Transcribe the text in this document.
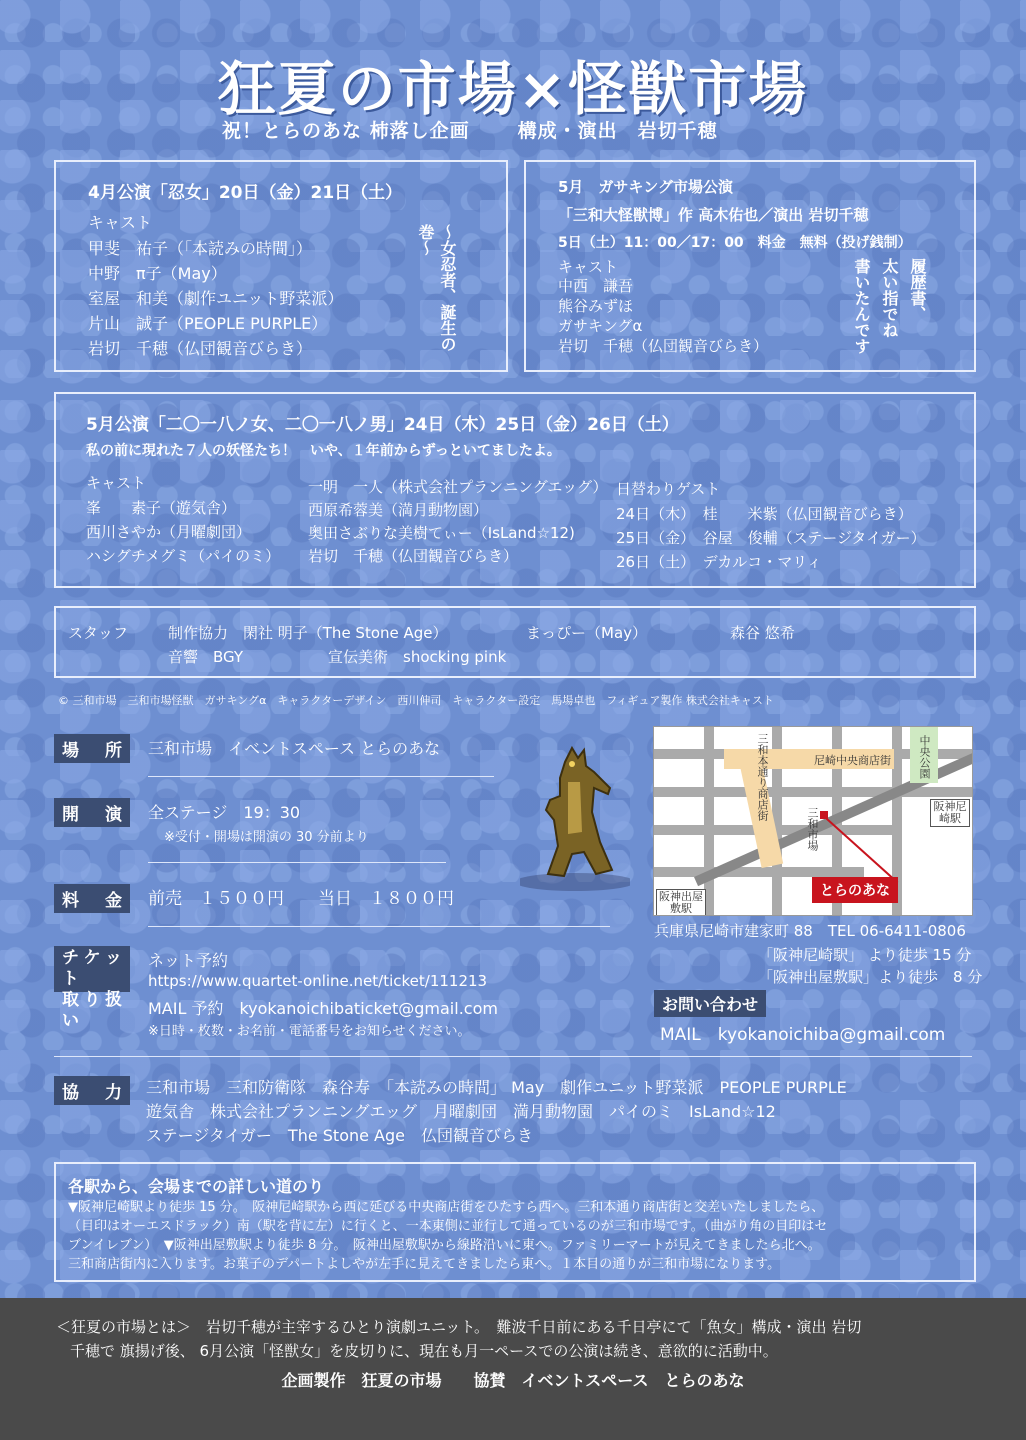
狂夏の市場×怪獣市場
祝！とらのあな 杮落し企画	構成・演出　岩切千穂
4月公演「忍女」20日（金）21日（土）
キャスト
甲斐　祐子（「本読みの時間」）
中野　π子（May）
室屋　和美（劇作ユニット野菜派）
片山　誠子（PEOPLE PURPLE）
岩切　千穂（仏団観音びらき）	〜女忍者、誕生の巻〜
5月　ガサキング市場公演
「三和大怪獣博」作 高木佑也／演出 岩切千穂
5日（土）11：00／17：00　料金　無料（投げ銭制）
キャスト
中西　謙吾
熊谷みずほ
ガサキングα
岩切　千穂（仏団観音びらき）
履歴書、
太い指でね
書いたんです
5月公演「二〇一八ノ女、二〇一八ノ男」24日（木）25日（金）26日（土）
私の前に現れた７人の妖怪たち！　いや、１年前からずっといてましたよ。
キャスト
峯　　素子（遊気舎）
西川さやか（月曜劇団）
ハシグチメグミ（パイのミ）
一明　一人（株式会社プランニングエッグ）
西原希蓉美（満月動物園）
奥田さぶりな美樹てぃー（IsLand☆12)
岩切　千穂（仏団観音びらき）
日替わりゲスト
24日（木）　桂　　米紫（仏団観音びらき）
25日（金）　谷屋　俊輔（ステージタイガー）
26日（土）　デカルコ・マリィ
スタッフ	制作協力　閑社 明子（The Stone Age）	まっぴー（May）	森谷 悠希
音響　BGY	宣伝美術　shocking pink
© 三和市場　三和市場怪獣　ガサキングα　キャラクターデザイン　西川伸司　キャラクター設定　馬場卓也　フィギュア製作 株式会社キャスト
場　所	三和市場　イベントスペース とらのあな
開　演	全ステージ　19：30
※受付・開場は開演の 30 分前より
料　金	前売　１５００円　　当日　１８００円
チケット
取り扱い
ネット予約
https://www.quartet-online.net/ticket/111213
MAIL 予約　kyokanoichibaticket@gmail.com
※日時・枚数・お名前・電話番号をお知らせください。
尼崎中央商店街
三和本通り商店街	中央公園
三和市場
阪神尼崎駅
阪神出屋敷駅
とらのあな
兵庫県尼崎市建家町 88　TEL 06-6411-0806
「阪神尼崎駅」 より徒歩 15 分
「阪神出屋敷駅」より徒歩　8 分
お問い合わせ
MAIL　kyokanoichiba@gmail.com
協　力	三和市場　三和防衛隊　森谷寿　「本読みの時間」 May　劇作ユニット野菜派　PEOPLE PURPLE
遊気舎　株式会社プランニングエッグ　月曜劇団　満月動物園　パイのミ　IsLand☆12
ステージタイガー　The Stone Age　仏団観音びらき
各駅から、会場までの詳しい道のり
▼阪神尼崎駅より徒歩 15 分。　阪神尼崎駅から西に延びる中央商店街をひたすら西へ。三和本通り商店街と交差いたしましたら、
（目印はオーエスドラック）南（駅を背に左）に行くと、一本東側に並行して通っているのが三和市場です。（曲がり角の目印はセ
ブンイレブン）　▼阪神出屋敷駅より徒歩 8 分。　阪神出屋敷駅から線路沿いに東へ。ファミリーマートが見えてきましたら北へ。
三和商店街内に入ります。お菓子のデパートよしやが左手に見えてきましたら東へ。１本目の通りが三和市場になります。
＜狂夏の市場とは＞　岩切千穂が主宰するひとり演劇ユニット。　難波千日前にある千日亭にて「魚女」構成・演出 岩切
千穂で 旗揚げ後、 6月公演「怪獣女」を皮切りに、現在も月一ペースでの公演は続き、意欲的に活動中。
企画製作　狂夏の市場　　協賛　イベントスペース　とらのあな
